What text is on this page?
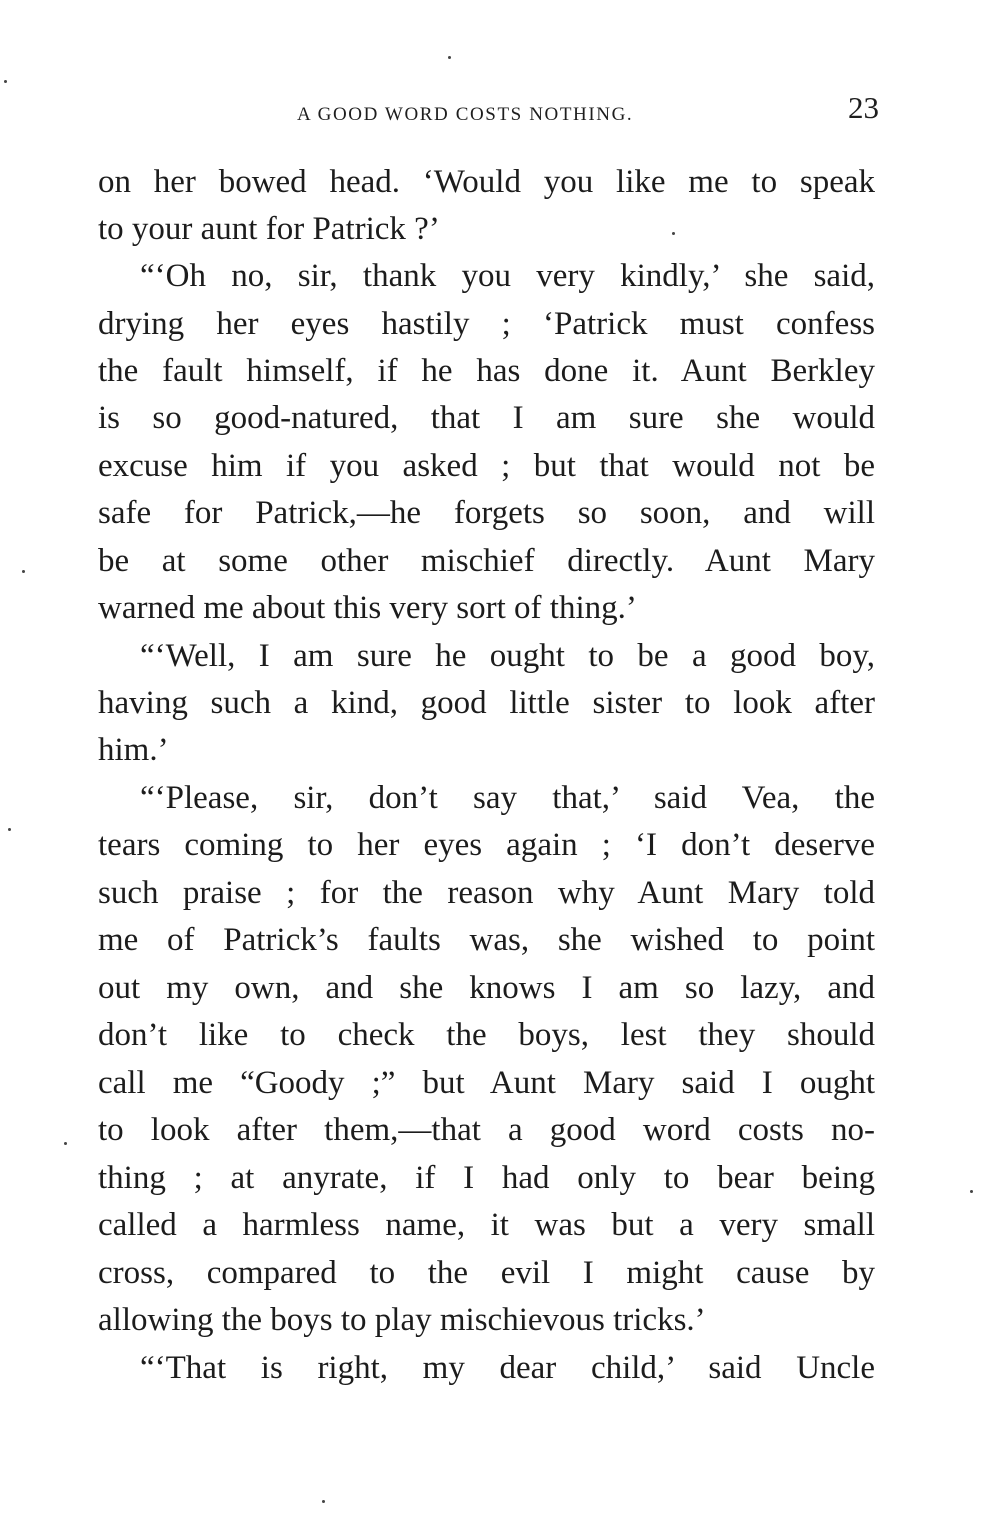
A GOOD WORD COSTS NOTHING.	23
on her bowed head. ‘Would you like me to speak
to your aunt for Patrick ?’
“‘Oh no, sir, thank you very kindly,’ she said,
drying her eyes hastily ; ‘Patrick must confess
the fault himself, if he has done it. Aunt Berkley
is so good-natured, that I am sure she would
excuse him if you asked ; but that would not be
safe for Patrick,—he forgets so soon, and will
be at some other mischief directly. Aunt Mary
warned me about this very sort of thing.’
“‘Well, I am sure he ought to be a good boy,
having such a kind, good little sister to look after
him.’
“‘Please, sir, don’t say that,’ said Vea, the
tears coming to her eyes again ; ‘I don’t deserve
such praise ; for the reason why Aunt Mary told
me of Patrick’s faults was, she wished to point
out my own, and she knows I am so lazy, and
don’t like to check the boys, lest they should
call me “Goody ;” but Aunt Mary said I ought
to look after them,—that a good word costs no-
thing ; at anyrate, if I had only to bear being
called a harmless name, it was but a very small
cross, compared to the evil I might cause by
allowing the boys to play mischievous tricks.’
“‘That is right, my dear child,’ said Uncle
